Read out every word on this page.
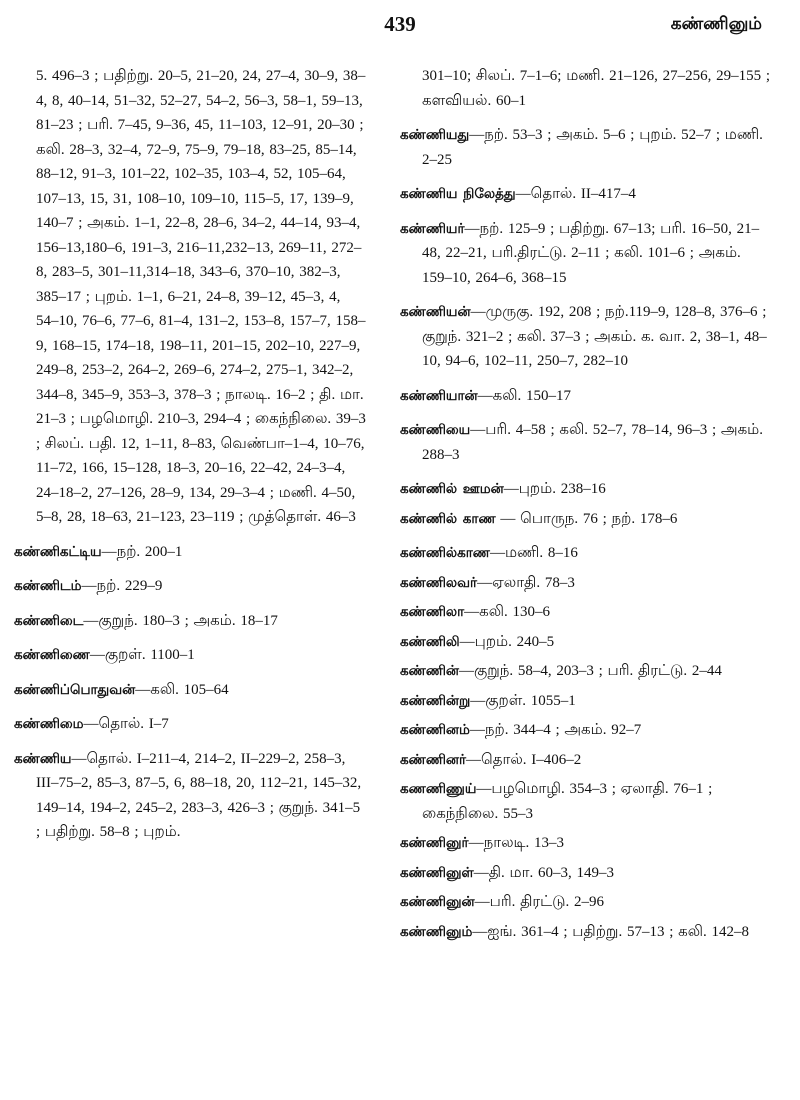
439	கண்ணினும்
5. 496–3 ; பதிற்று. 20–5, 21–20, 24, 27–4, 30–9, 38–4, 8, 40–14, 51–32, 52–27, 54–2, 56–3, 58–1, 59–13, 81–23 ; பரி. 7–45, 9–36, 45, 11–103, 12–91, 20–30 ; கலி. 28–3, 32–4, 72–9, 75–9, 79–18, 83–25, 85–14, 88–12, 91–3, 101–22, 102–35, 103–4, 52, 105–64, 107–13, 15, 31, 108–10, 109–10, 115–5, 17, 139–9, 140–7 ; அகம். 1–1, 22–8, 28–6, 34–2, 44–14, 93–4, 156–13,180–6, 191–3, 216–11,232–13, 269–11, 272–8, 283–5, 301–11,314–18, 343–6, 370–10, 382–3, 385–17 ; புறம். 1–1, 6–21, 24–8, 39–12, 45–3, 4, 54–10, 76–6, 77–6, 81–4, 131–2, 153–8, 157–7, 158–9, 168–15, 174–18, 198–11, 201–15, 202–10, 227–9, 249–8, 253–2, 264–2, 269–6, 274–2, 275–1, 342–2, 344–8, 345–9, 353–3, 378–3 ; நாலடி. 16–2 ; தி. மா. 21–3 ; பழமொழி. 210–3, 294–4 ; கைந்நிலை. 39–3 ; சிலப். பதி. 12, 1–11, 8–83, வெண்பா–1–4, 10–76, 11–72, 166, 15–128, 18–3, 20–16, 22–42, 24–3–4, 24–18–2, 27–126, 28–9, 134, 29–3–4 ; மணி. 4–50, 5–8, 28, 18–63, 21–123, 23–119 ; முத்தொள். 46–3
கண்ணிகட்டிய—நற். 200–1
கண்ணிடம்—நற். 229–9
கண்ணிடை—குறுந். 180–3 ; அகம். 18–17
கண்ணிணை—குறள். 1100–1
கண்ணிப்பொதுவன்—கலி. 105–64
கண்ணிமை—தொல். I–7
கண்ணிய—தொல். I–211–4, 214–2, II–229–2, 258–3, III–75–2, 85–3, 87–5, 6, 88–18, 20, 112–21, 145–32, 149–14, 194–2, 245–2, 283–3, 426–3 ; குறுந். 341–5 ; பதிற்று. 58–8 ; புறம்.
301–10; சிலப். 7–1–6; மணி. 21–126, 27–256, 29–155 ; களவியல். 60–1
கண்ணியது—நற். 53–3 ; அகம். 5–6 ; புறம். 52–7 ; மணி. 2–25
கண்ணிய நிலேத்து—தொல். II–417–4
கண்ணியர்—நற். 125–9 ; பதிற்று. 67–13; பரி. 16–50, 21–48, 22–21, பரி.திரட்டு. 2–11 ; கலி. 101–6 ; அகம். 159–10, 264–6, 368–15
கண்ணியன்—முருகு. 192, 208 ; நற்.119–9, 128–8, 376–6 ; குறுந். 321–2 ; கலி. 37–3 ; அகம். க. வா. 2, 38–1, 48–10, 94–6, 102–11, 250–7, 282–10
கண்ணியான்—கலி. 150–17
கண்ணியை—பரி. 4–58 ; கலி. 52–7, 78–14, 96–3 ; அகம். 288–3
கண்ணில் ஊமன்—புறம். 238–16
கண்ணில் காண — பொருந. 76 ; நற். 178–6
கண்ணில்காண—மணி. 8–16
கண்ணிலவர்—ஏலாதி. 78–3
கண்ணிலா—கலி. 130–6
கண்ணிலி—புறம். 240–5
கண்ணின்—குறுந். 58–4, 203–3 ; பரி. திரட்டு. 2–44
கண்ணின்று—குறள். 1055–1
கண்ணினம்—நற். 344–4 ; அகம். 92–7
கண்ணினர்—தொல். I–406–2
கணணிணுய்—பழமொழி. 354–3 ; ஏலாதி. 76–1 ; கைந்நிலை. 55–3
கண்ணினுர்—நாலடி. 13–3
கண்ணினுள்—தி. மா. 60–3, 149–3
கண்ணினுன்—பரி. திரட்டு. 2–96
கண்ணினும்—ஐங். 361–4 ; பதிற்று. 57–13 ; கலி. 142–8
